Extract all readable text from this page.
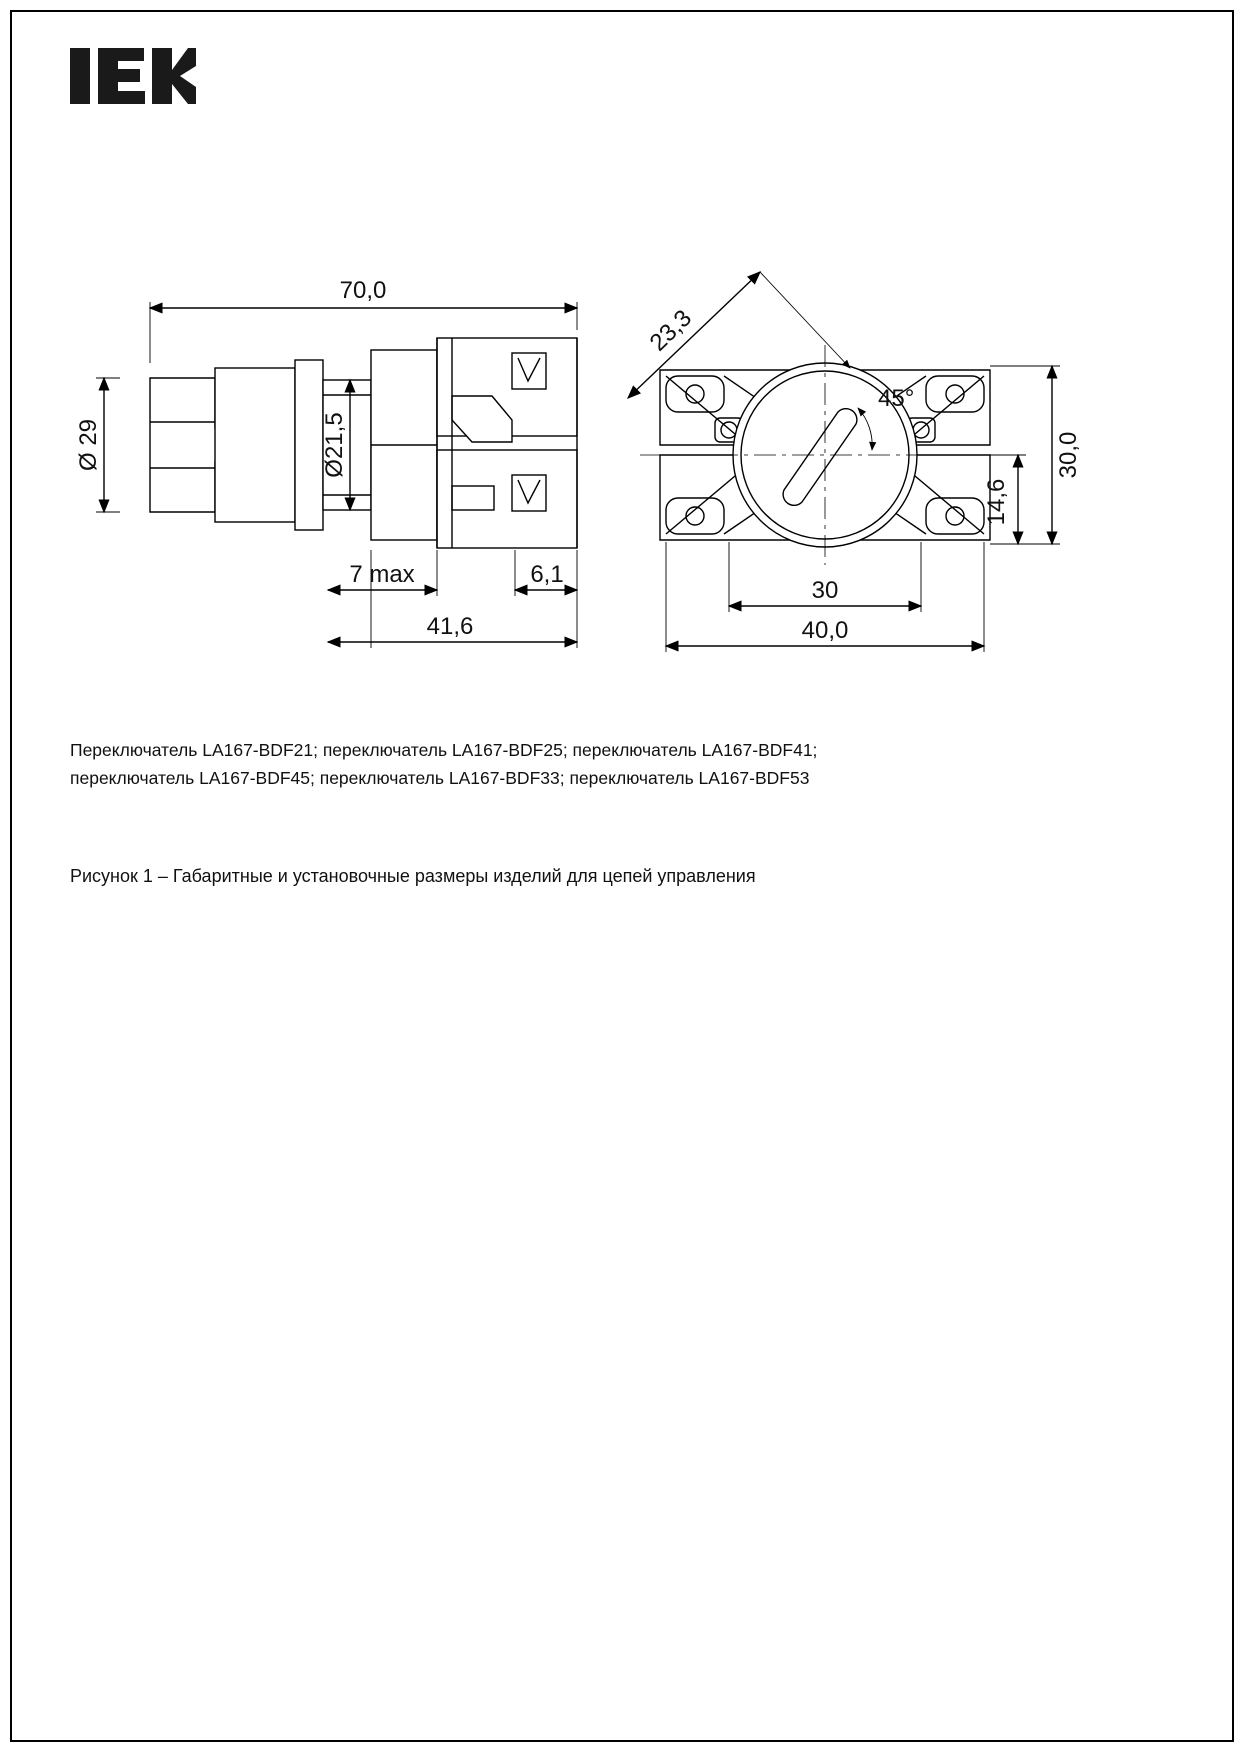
70,0
Ø 29	Ø21,5
7 max	6,1
41,6
23,3
45°
30,0
14,6
30
40,0
Переключатель LA167-BDF21; переключатель LA167-BDF25; переключатель LA167-BDF41;
переключатель LA167-BDF45; переключатель LA167-BDF33; переключатель LA167-BDF53
Рисунок 1 – Габаритные и установочные размеры изделий для цепей управления
